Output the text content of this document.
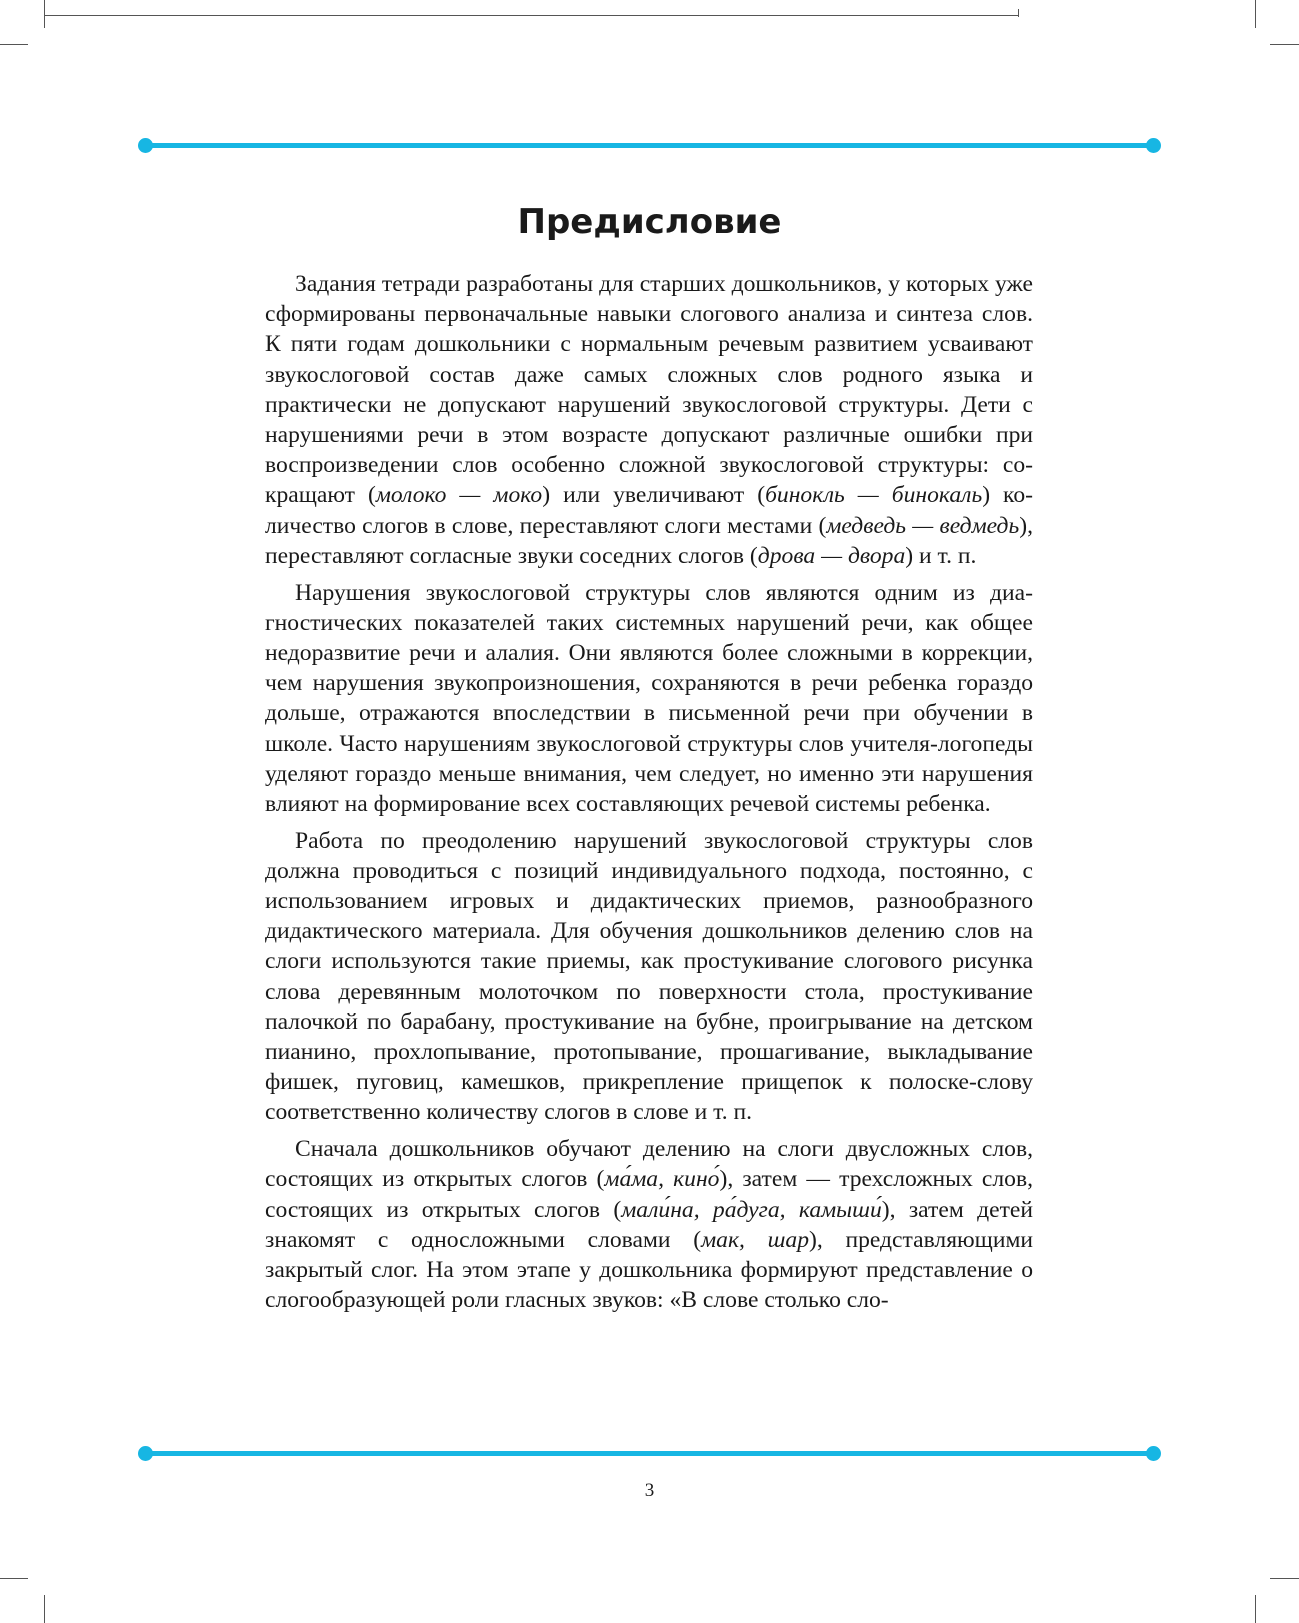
Предисловие

Задания тетради разработаны для старших дошкольников, у которых уже сформированы первоначальные навыки слогового анализа и синтеза слов. К пяти годам дошкольники с нормальным речевым развитием усваивают звукослоговой состав даже самых сложных слов родного языка и практически не допускают нарушений звукослоговой структуры. Дети с нарушениями речи в этом возрасте допускают различные ошибки при воспроизведении слов особенно сложной звукослоговой структуры: сокращают (молоко — моко) или увеличивают (бинокль — бинокаль) количество слогов в слове, переставляют слоги местами (медведь — ведмедь), переставляют согласные звуки соседних слогов (дрова — двора) и т. п.

Нарушения звукослоговой структуры слов являются одним из диагностических показателей таких системных нарушений речи, как общее недоразвитие речи и алалия. Они являются более сложными в коррекции, чем нарушения звукопроизношения, сохраняются в речи ребенка гораздо дольше, отражаются впоследствии в письменной речи при обучении в школе. Часто нарушениям звукослоговой структуры слов учителя-логопеды уделяют гораздо меньше внимания, чем следует, но именно эти нарушения влияют на формирование всех составляющих речевой системы ребенка.

Работа по преодолению нарушений звукослоговой структуры слов должна проводиться с позиций индивидуального подхода, постоянно, с использованием игровых и дидактических приемов, разнообразного дидактического материала. Для обучения дошкольников делению слов на слоги используются такие приемы, как простукивание слогового рисунка слова деревянным молоточком по поверхности стола, простукивание палочкой по барабану, простукивание на бубне, проигрывание на детском пианино, прохлопывание, протопывание, прошагивание, выкладывание фишек, пуговиц, камешков, прикрепление прищепок к полоске-слову соответственно количеству слогов в слове и т. п.

Сначала дошкольников обучают делению на слоги двусложных слов, состоящих из открытых слогов (ма́ма, кино́), затем — трехсложных слов, состоящих из открытых слогов (мали́на, ра́дуга, камыши́), затем детей знакомят с односложными словами (мак, шар), представляющими закрытый слог. На этом этапе у дошкольника формируют представление о слогообразующей роли гласных звуков: «В слове столько сло-

3
